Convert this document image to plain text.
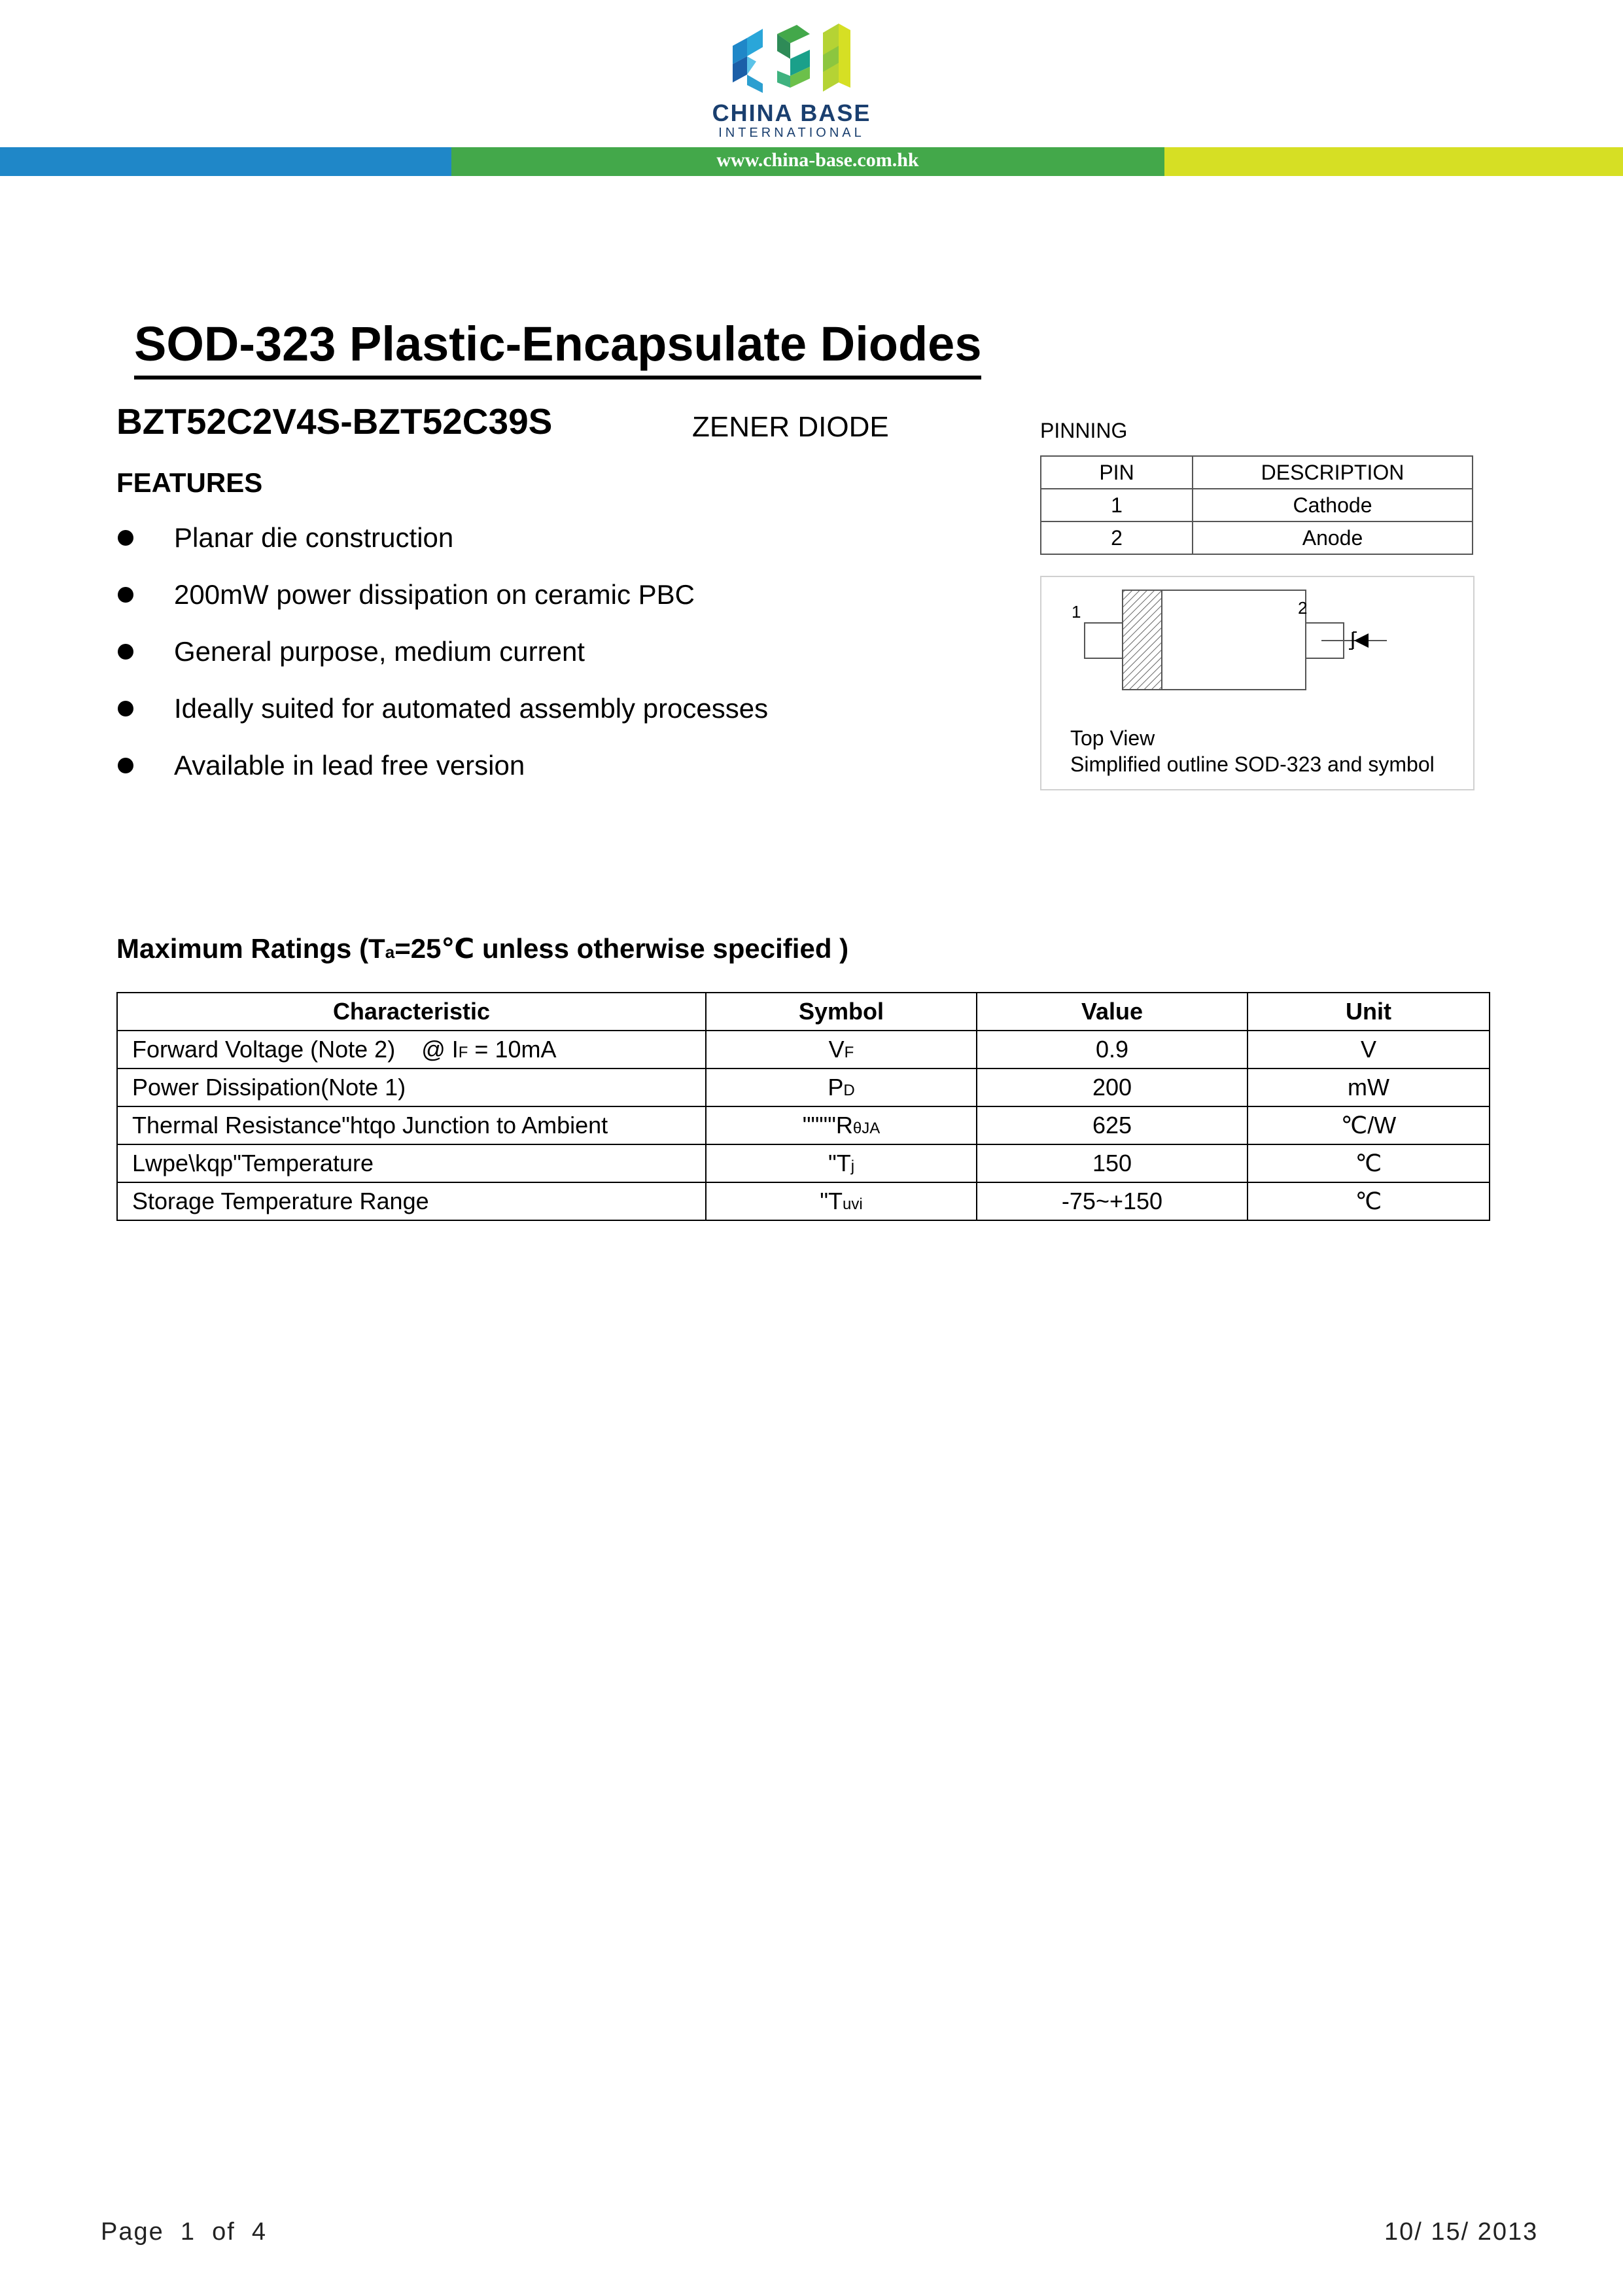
CHINA BASE
INTERNATIONAL
www.china-base.com.hk
SOD-323 Plastic-Encapsulate Diodes
BZT52C2V4S-BZT52C39S	ZENER DIODE
FEATURES
Planar die construction
200mW power dissipation on ceramic PBC
General purpose, medium current
Ideally suited for automated assembly processes
Available in lead free version
PINNING
PIN	DESCRIPTION
1	Cathode
2	Anode
1	2
Top View
Simplified outline SOD-323 and symbol
Maximum Ratings (Ta=25℃ unless otherwise specified )
Characteristic	Symbol	Value	Unit
Forward Voltage (Note 2)    @ IF = 10mA	VF	0.9	V
Power Dissipation(Note 1)	PD	200	mW
Thermal Resistance"htqo Junction to Ambient	""""RθJA	625	℃/W
Lwpe\kqp"Temperature	"Tj	150	℃
Storage Temperature Range	"Tuvi	-75~+150	℃
Page  1  of  4	10/ 15/ 2013
